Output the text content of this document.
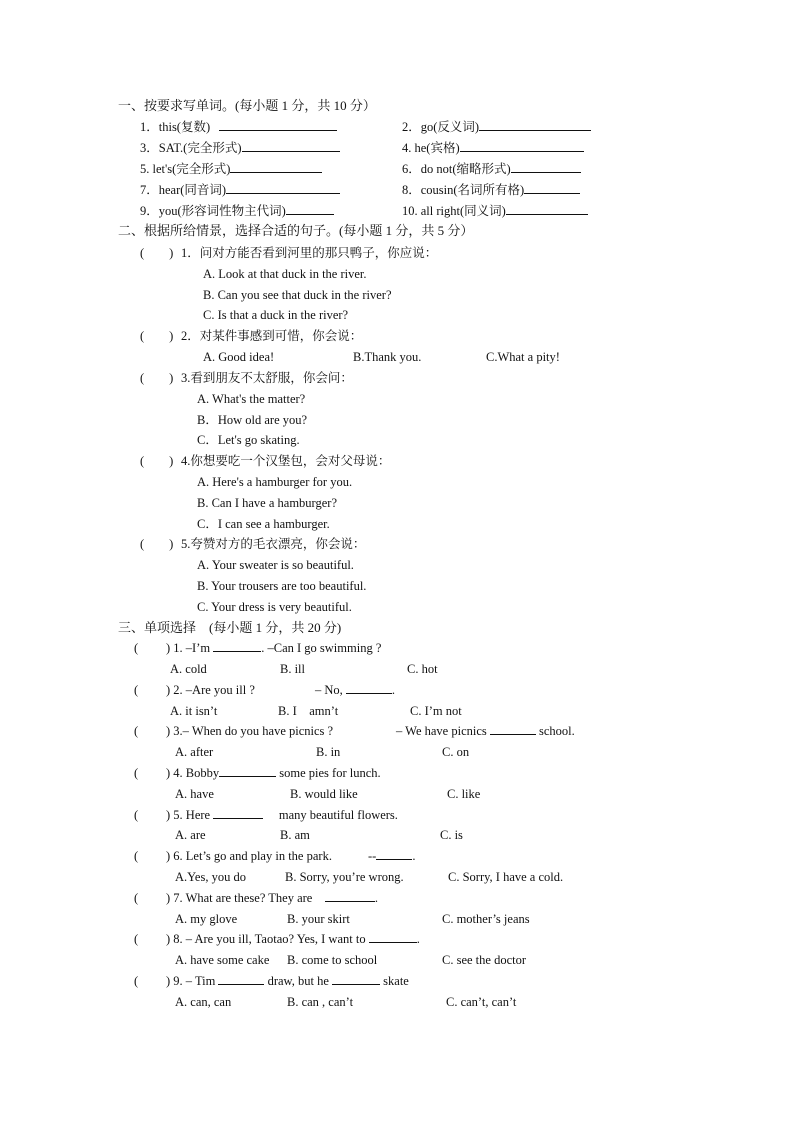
一、按要求写单词。(每小题 1 分，共 10 分）
1．this(复数)	2．go(反义词)
3．SAT.(完全形式)	4. he(宾格)
5. let's(完全形式)	6．do not(缩略形式)
7．hear(同音词)	8．cousin(名词所有格)
9．you(形容词性物主代词)	10. all right(同义词)
二、根据所给情景，选择合适的句子。(每小题 1 分，共 5 分）
(　　) 1．问对方能否看到河里的那只鸭子，你应说：
A. Look at that duck in the river.
B. Can you see that duck in the river?
C. Is that a duck in the river?
(　　) 2．对某件事感到可惜，你会说：
A. Good idea!	B.Thank you.	C.What a pity!
(　　) 3.看到朋友不太舒服，你会问：
A. What's the matter?
B．How old are you?
C．Let's go skating.
(　　) 4.你想要吃一个汉堡包，会对父母说：
A. Here's a hamburger for you.
B. Can I have a hamburger?
C．I can see a hamburger.
(　　) 5.夸赞对方的毛衣漂亮，你会说：
A. Your sweater is so beautiful.
B. Your trousers are too beautiful.
C. Your dress is very beautiful.
三、单项选择　(每小题 1 分，共 20 分)
( ) 1. –I’m	. –Can I go swimming ?
A. cold	B. ill	C. hot
( ) 2. –Are you ill ?	– No,	.
A. it isn’t	B. I　amn’t	C. I’m not
( ) 3.– When do you have picnics ?	– We have picnics	school.
A. after	B. in	C. on
( ) 4. Bobby	some pies for lunch.
A. have	B. would like	C. like
( ) 5. Here 　	many beautiful flowers.
A. are	B. am	C. is
( ) 6. Let’s go and play in the park.	--	.
A.Yes, you do	B. Sorry, you’re wrong.	C. Sorry, I have a cold.
( ) 7. What are these? They are　	.
A. my glove	B. your skirt	C. mother’s jeans
( ) 8. – Are you ill, Taotao? Yes, I want to	.
A. have some cake B. come to school	C. see the doctor
( ) 9. – Tim	draw, but he	skate
A. can, can	B. can , can’t	C. can’t, can’t
